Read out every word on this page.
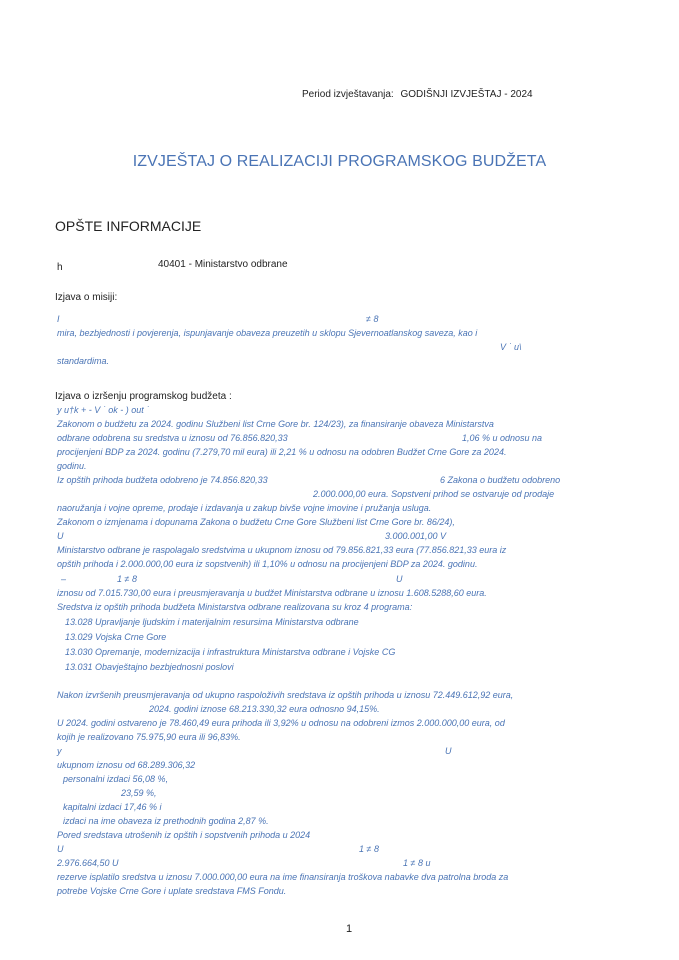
Period izvještavanja: GODIŠNJI IZVJEŠTAJ - 2024
IZVJEŠTAJ O REALIZACIJI PROGRAMSKOG BUDŽETA
OPŠTE INFORMACIJE
h	40401 - Ministarstvo odbrane
Izjava o misiji:
I	≠ 8
mira, bezbjednosti i povjerenja, ispunjavanje obaveza preuzetih u sklopu Sjevernoatlanskog saveza, kao i
V ˙ u\
standardima.
Izjava o izršenju programskog budžeta :
y u†k + - V ˙ ok - ) out ˙
Zakonom o budžetu za 2024. godinu Službeni list Crne Gore br. 124/23), za finansiranje obaveza Ministarstva
odbrane odobrena su sredstva u iznosu od 76.856.820,33	1,06 % u odnosu na
procijenjeni BDP za 2024. godinu (7.279,70 mil eura) ili 2,21 % u odnosu na odobren Budžet Crne Gore za 2024.
godinu.
Iz opštih prihoda budžeta odobreno je 74.856.820,33	6 Zakona o budžetu odobreno
2.000.000,00 eura. Sopstveni prihod se ostvaruje od prodaje
naoružanja i vojne opreme, prodaje i izdavanja u zakup bivše vojne imovine i pružanja usluga.
Zakonom o izmjenama i dopunama Zakona o budžetu Crne Gore Službeni list Crne Gore br. 86/24),
U	3.000.001,00 V
Ministarstvo odbrane je raspolagalo sredstvima u ukupnom iznosu od 79.856.821,33 eura (77.856.821,33 eura iz
opštih prihoda i 2.000.000,00 eura iz sopstvenih) ili 1,10% u odnosu na procijenjeni BDP za 2024. godinu.
–	1 ≠ 8	U
iznosu od 7.015.730,00 eura i preusmjeravanja u budžet Ministarstva odbrane u iznosu 1.608.5288,60 eura.
Sredstva iz opštih prihoda budžeta Ministarstva odbrane realizovana su kroz 4 programa:
13.028 Upravljanje ljudskim i materijalnim resursima Ministarstva odbrane
13.029 Vojska Crne Gore
13.030 Opremanje, modernizacija i infrastruktura Ministarstva odbrane i Vojske CG
13.031 Obavještajno bezbjednosni poslovi
Nakon izvršenih preusmjeravanja od ukupno raspoloživih sredstava iz opštih prihoda u iznosu 72.449.612,92 eura,
2024. godini iznose 68.213.330,32 eura odnosno 94,15%.
U 2024. godini ostvareno je 78.460,49 eura prihoda ili 3,92% u odnosu na odobreni izmos 2.000.000,00 eura, od
kojih je realizovano 75.975,90 eura ili 96,83%.
y	U
ukupnom iznosu od 68.289.306,32
personalni izdaci 56,08 %,
23,59 %,
kapitalni izdaci 17,46 % i
izdaci na ime obaveza iz prethodnih godina 2,87 %.
Pored sredstava utrošenih iz opštih i sopstvenih prihoda u 2024
U	1 ≠ 8
2.976.664,50 U	1 ≠ 8 u
rezerve isplatilo sredstva u iznosu 7.000.000,00 eura na ime finansiranja troškova nabavke dva patrolna broda za
potrebe Vojske Crne Gore i uplate sredstava FMS Fondu.
1
